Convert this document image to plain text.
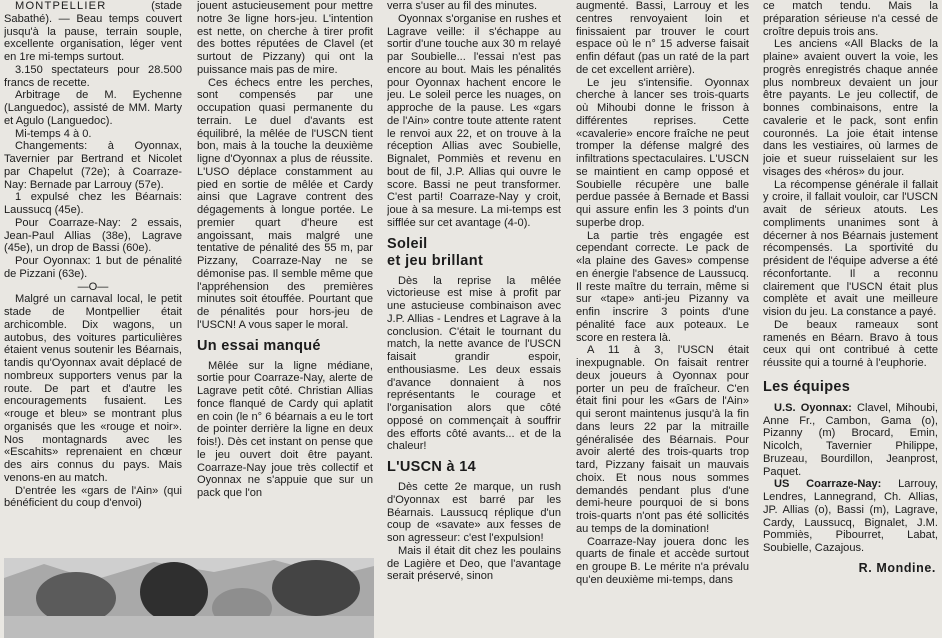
MONTPELLIER (stade Sabathé). — Beau temps couvert jusqu'à la pause, terrain souple, excellente organisation, léger vent en 1re mi-temps surtout.

3.150 spectateurs pour 28.500 francs de recette.

Arbitrage de M. Eychenne (Languedoc), assisté de MM. Marty et Agulo (Languedoc).

Mi-temps 4 à 0.

Changements: à Oyonnax, Tavernier par Bertrand et Nicolet par Chapelut (72e); à Coarraze-Nay: Bernade par Larrouy (57e).

1 expulsé chez les Béarnais: Laussucq (45e).

Pour Coarraze-Nay: 2 essais, Jean-Paul Allias (38e), Lagrave (45e), un drop de Bassi (60e).

Pour Oyonnax: 1 but de pénalité de Pizzani (63e).

—O—

Malgré un carnaval local, le petit stade de Montpellier était archicomble. Dix wagons, un autobus, des voitures particulières étaient venus soutenir les Béarnais, tandis qu'Oyonnax avait déplacé de nombreux supporters venus par la route. De part et d'autre les encouragements fusaient. Les «rouge et bleu» se montrant plus organisés que les «rouge et noir». Nos montagnards avec les «Escahits» reprenaient en chœur des airs connus du pays. Mais venons-en au match.

D'entrée les «gars de l'Ain» (qui bénéficient du coup d'envoi)

jouent astucieusement pour mettre notre 3e ligne hors-jeu. L'intention est nette, on cherche à tirer profit des bottes réputées de Clavel (et surtout de Pizzany) qui ont la puissance mais pas de mire.

Ces échecs entre les perches, sont compensés par une occupation quasi permanente du terrain. Le duel d'avants est équilibré, la mêlée de l'USCN tient bon, mais à la touche la deuxième ligne d'Oyonnax a plus de réussite. L'USO déplace constamment au pied en sortie de mêlée et Cardy ainsi que Lagrave contrent des dégagements à longue portée. Le premier quart d'heure est angoissant, mais malgré une tentative de pénalité des 55 m, par Pizzany, Coarraze-Nay ne se démonise pas. Il semble même que l'appréhension des premières minutes soit étouffée. Pourtant que de pénalités pour hors-jeu de l'USCN! A vous saper le moral.

Un essai manqué

Mêlée sur la ligne médiane, sortie pour Coarraze-Nay, alerte de Lagrave petit côté. Christian Allias fonce flanqué de Cardy qui aplatit en coin (le n° 6 béarnais a eu le tort de pointer derrière la ligne en deux fois!). Dès cet instant on pense que le jeu ouvert doit être payant. Coarraze-Nay joue très collectif et Oyonnax ne s'appuie que sur un pack que l'on

verra s'user au fil des minutes.

Oyonnax s'organise en rushes et Lagrave veille: il s'échappe au sortir d'une touche aux 30 m relayé par Soubielle... l'essai n'est pas encore au bout. Mais les pénalités pour Oyonnax hachent encore le jeu. Le soleil perce les nuages, on approche de la pause. Les «gars de l'Ain» contre toute attente ratent le renvoi aux 22, et on trouve à la réception Allias avec Soubielle, Bignalet, Pommiès et revenu en bout de fil, J.P. Allias qui ouvre le score. Bassi ne peut transformer. C'est parti! Coarraze-Nay y croit, joue à sa mesure. La mi-temps est sifflée sur cet avantage (4-0).

Soleil
et jeu brillant

Dès la reprise la mêlée victorieuse est mise à profit par une astucieuse combinaison avec J.P. Allias - Lendres et Lagrave à la conclusion. C'était le tournant du match, la nette avance de l'USCN faisait grandir espoir, enthousiasme. Les deux essais d'avance donnaient à nos représentants le courage et l'organisation alors que côté opposé on commençait à souffrir des efforts côté avants... et de la chaleur!

L'USCN à 14

Dès cette 2e marque, un rush d'Oyonnax est barré par les Béarnais. Laussucq réplique d'un coup de «savate» aux fesses de son agresseur: c'est l'expulsion!

Mais il était dit chez les poulains de Lagière et Deo, que l'avantage serait préservé, sinon

augmenté. Bassi, Larrouy et les centres renvoyaient loin et finissaient par trouver le court espace où le n° 15 adverse faisait enfin défaut (pas un raté de la part de cet excellent arrière).

Le jeu s'intensifie. Oyonnax cherche à lancer ses trois-quarts où Mihoubi donne le frisson à différentes reprises. Cette «cavalerie» encore fraîche ne peut tromper la défense malgré des infiltrations spectaculaires. L'USCN se maintient en camp opposé et Soubielle récupère une balle perdue passée à Bernade et Bassi qui assure enfin les 3 points d'un superbe drop.

La partie très engagée est cependant correcte. Le pack de «la plaine des Gaves» compense en énergie l'absence de Laussucq. Il reste maître du terrain, même si sur «tape» anti-jeu Pizanny va enfin inscrire 3 points d'une pénalité face aux poteaux. Le score en restera là.

A 11 à 3, l'USCN était inexpugnable. On faisait rentrer deux joueurs à Oyonnax pour porter un peu de fraîcheur. C'en était fini pour les «Gars de l'Ain» qui seront maintenus jusqu'à la fin dans leurs 22 par la mitraille généralisée des Béarnais. Pour avoir alerté des trois-quarts trop tard, Pizzany faisait un mauvais choix. Et nous nous sommes demandés pendant plus d'une demi-heure pourquoi de si bons trois-quarts n'ont pas été sollicités au temps de la domination!

Coarraze-Nay jouera donc les quarts de finale et accède surtout en groupe B. Le mérite n'a prévalu qu'en deuxième mi-temps, dans

ce match tendu. Mais la préparation sérieuse n'a cessé de croître depuis trois ans.

Les anciens «All Blacks de la plaine» avaient ouvert la voie, les progrès enregistrés chaque année plus nombreux devaient un jour être payants. Le jeu collectif, de bonnes combinaisons, entre la cavalerie et le pack, sont enfin couronnés. La joie était intense dans les vestiaires, où larmes de joie et sueur ruisselaient sur les visages des «héros» du jour.

La récompense générale il fallait y croire, il fallait vouloir, car l'USCN avait de sérieux atouts. Les compliments unanimes sont à décerner à nos Béarnais justement récompensés. La sportivité du président de l'équipe adverse a été réconfortante. Il a reconnu clairement que l'USCN était plus complète et avait une meilleure vision du jeu. La constance a payé.

De beaux rameaux sont ramenés en Béarn. Bravo à tous ceux qui ont contribué à cette réussite qui a tourné à l'euphorie.

Les équipes

U.S. Oyonnax: Clavel, Mihoubi, Anne Fr., Cambon, Gama (o), Pizanny (m) Brocard, Emin, Nicolch, Tavernier Philippe, Bruzeau, Bourdillon, Jeanprost, Paquet.

US Coarraze-Nay: Larrouy, Lendres, Lannegrand, Ch. Allias, JP. Allias (o), Bassi (m), Lagrave, Cardy, Laussucq, Bignalet, J.M. Pommiès, Pibourret, Labat, Soubielle, Cazajous.

R. Mondine.
